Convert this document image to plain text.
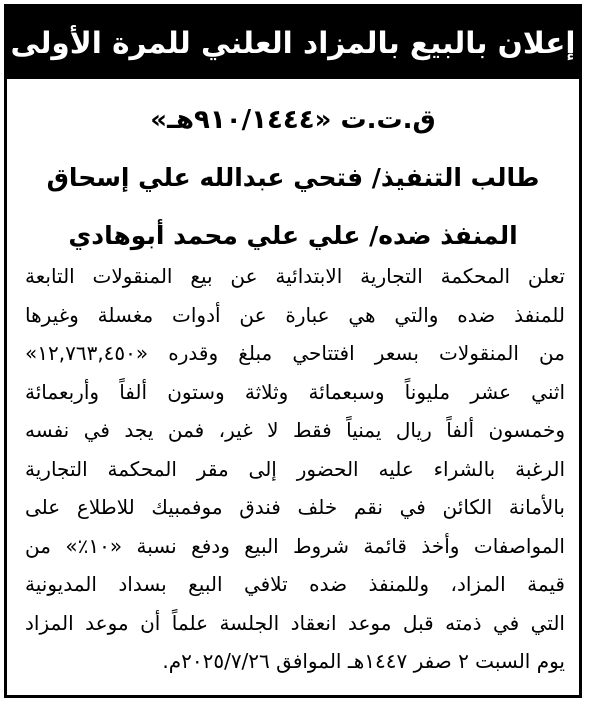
إعلان بالبيع بالمزاد العلني للمرة الأولى
ق.ت.ت «٩١٠/١٤٤٤هـ»
طالب التنفيذ/ فتحي عبدالله علي إسحاق
المنفذ ضده/ علي علي محمد أبوهادي
تعلن المحكمة التجارية الابتدائية عن بيع المنقولات التابعة
للمنفذ ضده والتي هي عبارة عن أدوات مغسلة وغيرها
من المنقولات بسعر افتتاحي مبلغ وقدره «١٢,٧٦٣,٤٥٠»
اثني عشر مليوناً وسبعمائة وثلاثة وستون ألفاً وأربعمائة
وخمسون ألفاً ريال يمنياً فقط لا غير، فمن يجد في نفسه
الرغبة بالشراء عليه الحضور إلى مقر المحكمة التجارية
بالأمانة الكائن في نقم خلف فندق موفمبيك للاطلاع على
المواصفات وأخذ قائمة شروط البيع ودفع نسبة «١٠٪» من
قيمة المزاد، وللمنفذ ضده تلافي البيع بسداد المديونية
التي في ذمته قبل موعد انعقاد الجلسة علماً أن موعد المزاد
يوم السبت ٢ صفر ١٤٤٧هـ الموافق ٢٠٢٥/٧/٢٦م.
